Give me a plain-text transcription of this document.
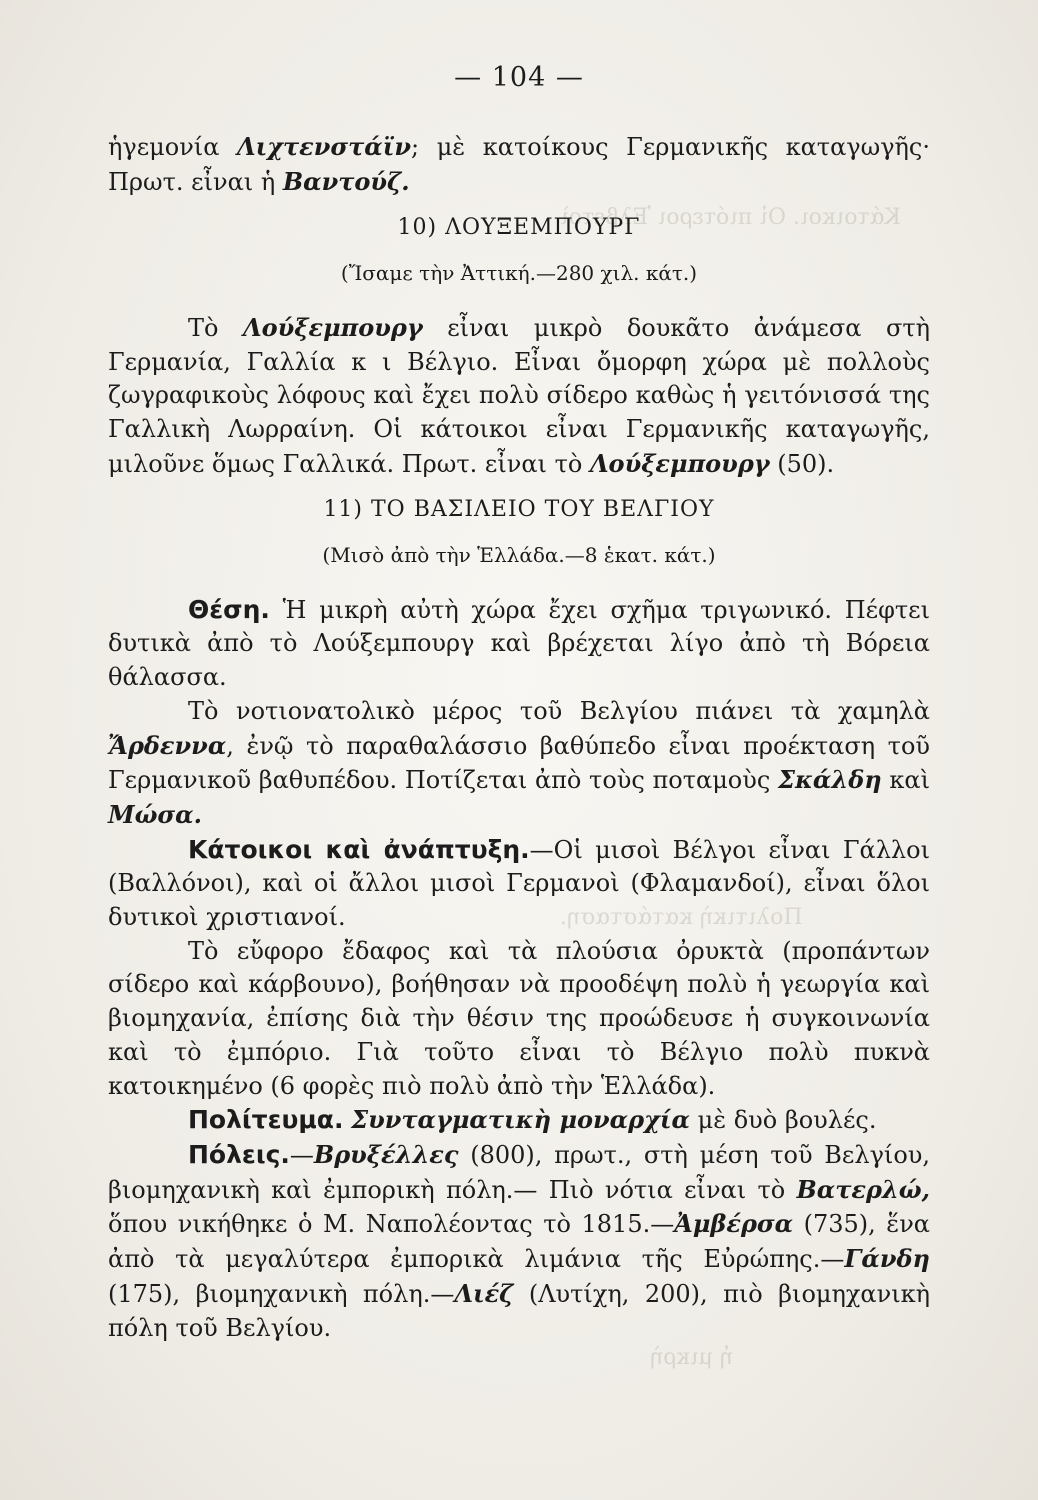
Κάτοικοι. Οἱ πιότεροι Ἑλβετοὶ
Πολιτικὴ κατάσταση.
ἡ μικρὴ
— 104 —

ἡγεμονία Λιχτενστάϊν; μὲ κατοίκους Γερμανικῆς καταγωγῆς· Πρωτ. εἶναι ἡ Βαντούζ.

10) ΛΟΥΞΕΜΠΟΥΡΓ

(Ἴσαμε τὴν Ἀττική.—280 χιλ. κάτ.)

Τὸ Λούξεμπουργ εἶναι μικρὸ δουκᾶτο ἀνάμεσα στὴ Γερμανία, Γαλλία κ ι Βέλγιο. Εἶναι ὄμορφη χώρα μὲ πολλοὺς ζωγραφικοὺς λόφους καὶ ἔχει πολὺ σίδερο καθὼς ἡ γειτόνισσά της Γαλλικὴ Λωρραίνη. Οἱ κάτοικοι εἶναι Γερμανικῆς καταγωγῆς, μιλοῦνε ὅμως Γαλλικά. Πρωτ. εἶναι τὸ Λούξεμπουργ (50).

11) ΤΟ ΒΑΣΙΛΕΙΟ ΤΟΥ ΒΕΛΓΙΟΥ

(Μισὸ ἀπὸ τὴν Ἑλλάδα.—8 ἑκατ. κάτ.)

Θέση. Ἡ μικρὴ αὐτὴ χώρα ἔχει σχῆμα τριγωνικό. Πέφτει δυτικὰ ἀπὸ τὸ Λούξεμπουργ καὶ βρέχεται λίγο ἀπὸ τὴ Βόρεια θάλασσα.

Τὸ νοτιονατολικὸ μέρος τοῦ Βελγίου πιάνει τὰ χαμηλὰ Ἄρδεννα, ἐνῷ τὸ παραθαλάσσιο βαθύπεδο εἶναι προέκταση τοῦ Γερμανικοῦ βαθυπέδου. Ποτίζεται ἀπὸ τοὺς ποταμοὺς Σκάλδη καὶ Μώσα.

Κάτοικοι καὶ ἀνάπτυξη.—Οἱ μισοὶ Βέλγοι εἶναι Γάλλοι (Βαλλόνοι), καὶ οἱ ἄλλοι μισοὶ Γερμανοὶ (Φλαμανδοί), εἶναι ὅλοι δυτικοὶ χριστιανοί.

Τὸ εὔφορο ἔδαφος καὶ τὰ πλούσια ὀρυκτὰ (προπάντων σίδερο καὶ κάρβουνο), βοήθησαν νὰ προοδέψη πολὺ ἡ γεωργία καὶ βιομηχανία, ἐπίσης διὰ τὴν θέσιν της προώδευσε ἡ συγκοινωνία καὶ τὸ ἐμπόριο. Γιὰ τοῦτο εἶναι τὸ Βέλγιο πολὺ πυκνὰ κατοικημένο (6 φορὲς πιὸ πολὺ ἀπὸ τὴν Ἑλλάδα).

Πολίτευμα. Συνταγματικὴ μοναρχία μὲ δυὸ βουλές.

Πόλεις.—Βρυξέλλες (800), πρωτ., στὴ μέση τοῦ Βελγίου, βιομηχανικὴ καὶ ἐμπορικὴ πόλη.— Πιὸ νότια εἶναι τὸ Βατερλώ, ὅπου νικήθηκε ὁ Μ. Ναπολέοντας τὸ 1815.—Ἀμβέρσα (735), ἕνα ἀπὸ τὰ μεγαλύτερα ἐμπορικὰ λιμάνια τῆς Εὐρώπης.—Γάνδη (175), βιομηχανικὴ πόλη.—Λιέζ (Λυτίχη, 200), πιὸ βιομηχανικὴ πόλη τοῦ Βελγίου.
